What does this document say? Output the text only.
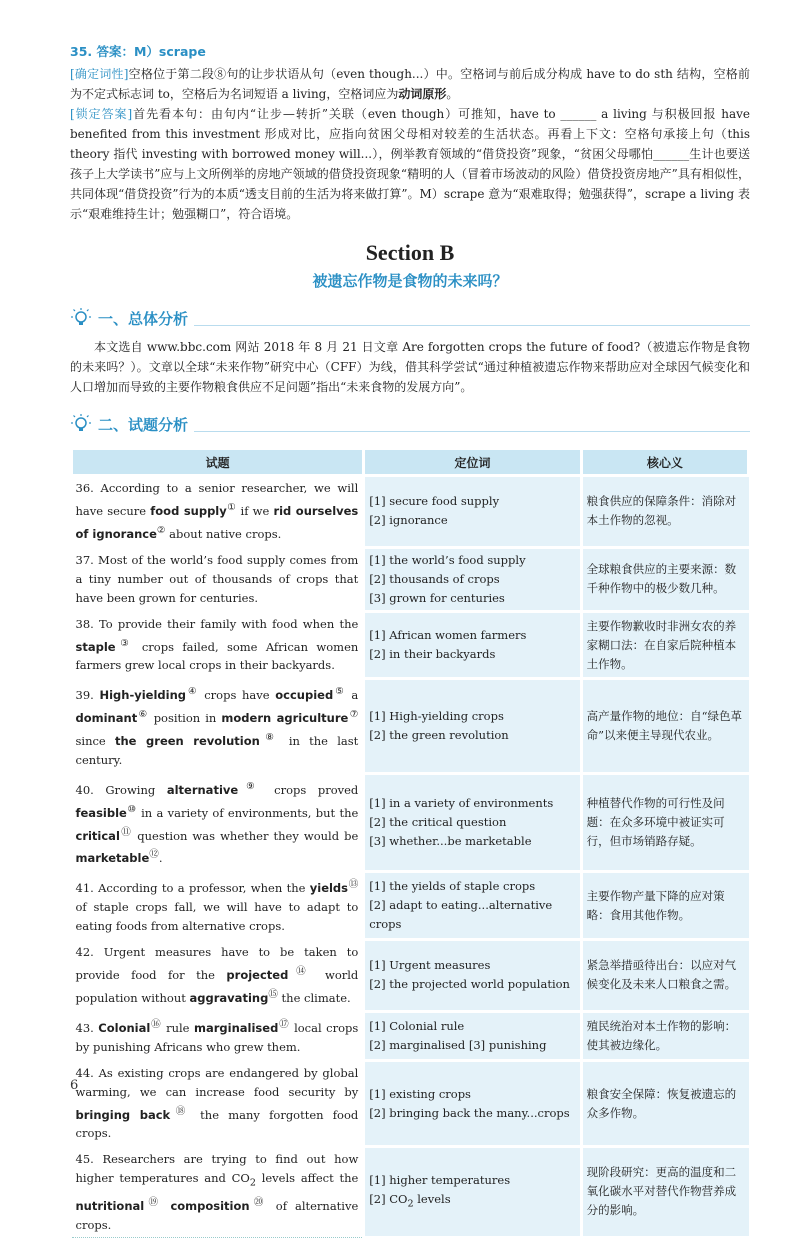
35. 答案：M）scrape
[确定词性]空格位于第二段⑧句的让步状语从句（even though...）中。空格词与前后成分构成 have to do sth 结构，空格前为不定式标志词 to，空格后为名词短语 a living，空格词应为动词原形。
[锁定答案]首先看本句：由句内“让步—转折”关联（even though）可推知，have to ______ a living 与积极回报 have benefited from this investment 形成对比，应指向贫困父母相对较差的生活状态。再看上下文：空格句承接上句（this theory 指代 investing with borrowed money will...），例举教育领域的“借贷投资”现象，“贫困父母哪怕______生计也要送孩子上大学读书”应与上文所例举的房地产领域的借贷投资现象“精明的人（冒着市场波动的风险）借贷投资房地产”具有相似性，共同体现“借贷投资”行为的本质“透支目前的生活为将来做打算”。M）scrape 意为“艰难取得；勉强获得”，scrape a living 表示“艰难维持生计；勉强糊口”，符合语境。
Section B
被遗忘作物是食物的未来吗？
一、总体分析
本文选自 www.bbc.com 网站 2018 年 8 月 21 日文章 Are forgotten crops the future of food?（被遗忘作物是食物的未来吗？）。文章以全球“未来作物”研究中心（CFF）为线，借其科学尝试“通过种植被遗忘作物来帮助应对全球因气候变化和人口增加而导致的主要作物粮食供应不足问题”指出“未来食物的发展方向”。
二、试题分析
试题	定位词	核心义
36. According to a senior researcher, we will have secure food supply① if we rid ourselves of ignorance② about native crops.	[1] secure food supply
[2] ignorance	粮食供应的保障条件：消除对本土作物的忽视。
37. Most of the world’s food supply comes from a tiny number out of thousands of crops that have been grown for centuries.	[1] the world’s food supply
[2] thousands of crops
[3] grown for centuries	全球粮食供应的主要来源：数千种作物中的极少数几种。
38. To provide their family with food when the staple③ crops failed, some African women farmers grew local crops in their backyards.	[1] African women farmers
[2] in their backyards	主要作物歉收时非洲女农的养家糊口法：在自家后院种植本土作物。
39. High-yielding④ crops have occupied⑤ a dominant⑥ position in modern agriculture⑦ since the green revolution⑧ in the last century.	[1] High-yielding crops
[2] the green revolution	高产量作物的地位：自“绿色革命”以来便主导现代农业。
40. Growing alternative⑨ crops proved feasible⑩ in a variety of environments, but the critical⑪ question was whether they would be marketable⑫.	[1] in a variety of environments
[2] the critical question
[3] whether...be marketable	种植替代作物的可行性及问题：在众多环境中被证实可行，但市场销路存疑。
41. According to a professor, when the yields⑬ of staple crops fall, we will have to adapt to eating foods from alternative crops.	[1] the yields of staple crops
[2] adapt to eating...alternative crops	主要作物产量下降的应对策略：食用其他作物。
42. Urgent measures have to be taken to provide food for the projected⑭ world population without aggravating⑮ the climate.	[1] Urgent measures
[2] the projected world population	紧急举措亟待出台：以应对气候变化及未来人口粮食之需。
43. Colonial⑯ rule marginalised⑰ local crops by punishing Africans who grew them.	[1] Colonial rule
[2] marginalised [3] punishing	殖民统治对本土作物的影响：使其被边缘化。
44. As existing crops are endangered by global warming, we can increase food security by bringing back⑱ the many forgotten food crops.	[1] existing crops
[2] bringing back the many...crops	粮食安全保障：恢复被遗忘的众多作物。
45. Researchers are trying to find out how higher temperatures and $CO_2$ levels affect the nutritional⑲ composition⑳ of alternative crops.	[1] higher temperatures
[2] $CO_2$ levels	现阶段研究：更高的温度和二氧化碳水平对替代作物营养成分的影响。
6
